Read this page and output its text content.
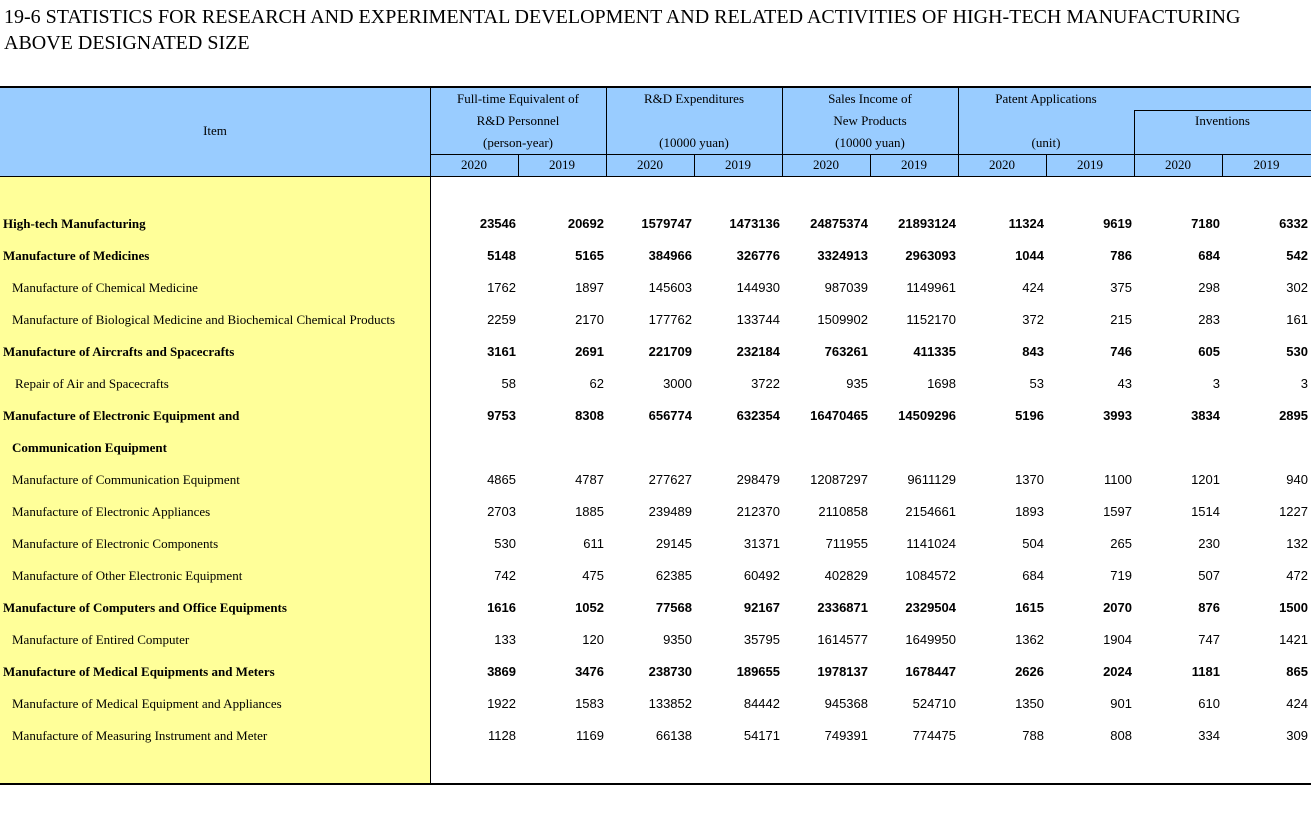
19-6 STATISTICS FOR RESEARCH AND EXPERIMENTAL DEVELOPMENT AND RELATED ACTIVITIES OF HIGH-TECH MANUFACTURING
ABOVE DESIGNATED SIZE
Item
Full-time Equivalent of
R&D Personnel
(person-year)
R&D Expenditures
(10000 yuan)
Sales Income of
New Products
(10000 yuan)
Patent Applications
(unit)
Inventions
2020	2019	2020	2019	2020	2019	2020	2019	2020	2019
High-tech Manufacturing	23546	20692	1579747	1473136	24875374	21893124	11324	9619	7180	6332
Manufacture of Medicines	5148	5165	384966	326776	3324913	2963093	1044	786	684	542
Manufacture of Chemical Medicine	1762	1897	145603	144930	987039	1149961	424	375	298	302
Manufacture of Biological Medicine and Biochemical Chemical Products	2259	2170	177762	133744	1509902	1152170	372	215	283	161
Manufacture of Aircrafts and Spacecrafts	3161	2691	221709	232184	763261	411335	843	746	605	530
Repair of Air and Spacecrafts	58	62	3000	3722	935	1698	53	43	3	3
Manufacture of Electronic Equipment and	9753	8308	656774	632354	16470465	14509296	5196	3993	3834	2895
Communication Equipment
Manufacture of Communication Equipment	4865	4787	277627	298479	12087297	9611129	1370	1100	1201	940
Manufacture of Electronic Appliances	2703	1885	239489	212370	2110858	2154661	1893	1597	1514	1227
Manufacture of Electronic Components	530	611	29145	31371	711955	1141024	504	265	230	132
Manufacture of Other Electronic Equipment	742	475	62385	60492	402829	1084572	684	719	507	472
Manufacture of Computers and Office Equipments	1616	1052	77568	92167	2336871	2329504	1615	2070	876	1500
Manufacture of Entired Computer	133	120	9350	35795	1614577	1649950	1362	1904	747	1421
Manufacture of Medical Equipments and Meters	3869	3476	238730	189655	1978137	1678447	2626	2024	1181	865
Manufacture of Medical Equipment and Appliances	1922	1583	133852	84442	945368	524710	1350	901	610	424
Manufacture of Measuring Instrument and Meter	1128	1169	66138	54171	749391	774475	788	808	334	309
